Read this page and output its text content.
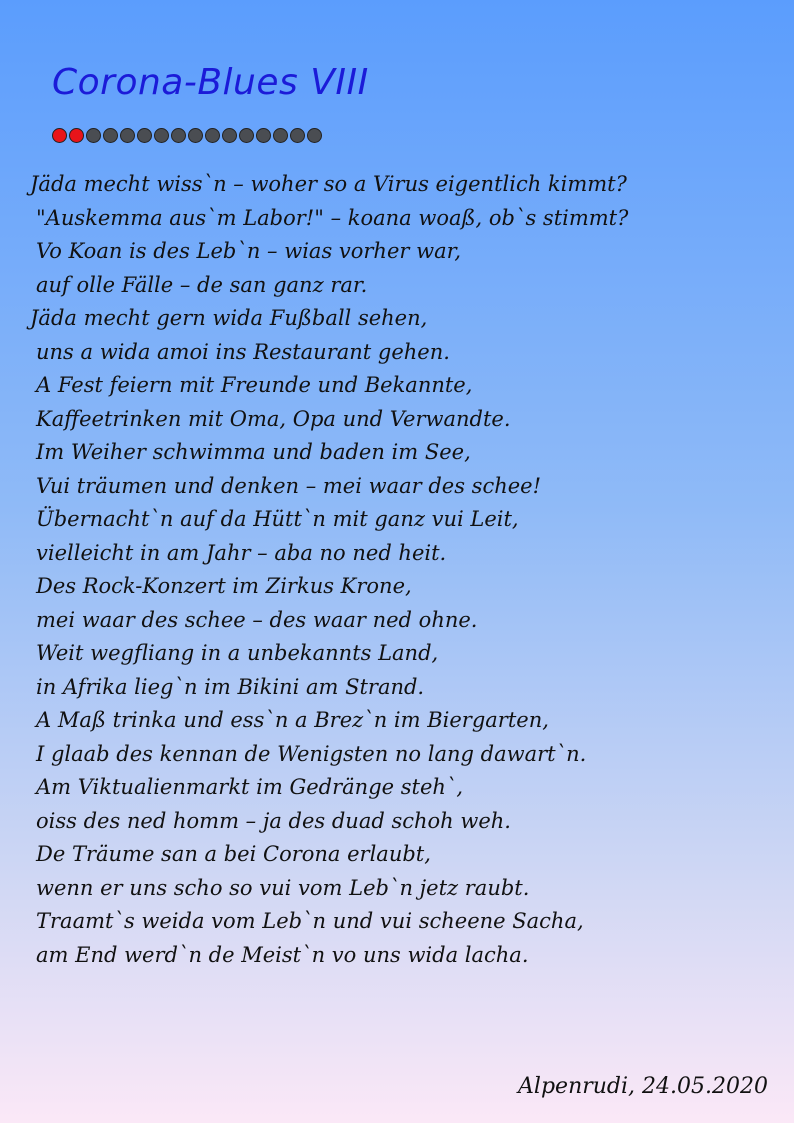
Corona-Blues VIII
Jäda mecht wiss`n – woher so a Virus eigentlich kimmt?
"Auskemma aus`m Labor!" – koana woaß, ob`s stimmt?
Vo Koan is des Leb`n – wias vorher war,
auf olle Fälle – de san ganz rar.
Jäda mecht gern wida Fußball sehen,
uns a wida amoi ins Restaurant gehen.
A Fest feiern mit Freunde und Bekannte,
Kaffeetrinken mit Oma, Opa und Verwandte.
Im Weiher schwimma und baden im See,
Vui träumen und denken – mei waar des schee!
Übernacht`n auf da Hütt`n mit ganz vui Leit,
vielleicht in am Jahr – aba no ned heit.
Des Rock-Konzert im Zirkus Krone,
mei waar des schee – des waar ned ohne.
Weit wegfliang in a unbekannts Land,
in Afrika lieg`n im Bikini am Strand.
A Maß trinka und ess`n a Brez`n im Biergarten,
I glaab des kennan de Wenigsten no lang dawart`n.
Am Viktualienmarkt im Gedränge steh`,
oiss des ned homm – ja des duad schoh weh.
De Träume san a bei Corona erlaubt,
wenn er uns scho so vui vom Leb`n jetz raubt.
Traamt`s weida vom Leb`n und vui scheene Sacha,
am End werd`n de Meist`n vo uns wida lacha.
Alpenrudi, 24.05.2020
